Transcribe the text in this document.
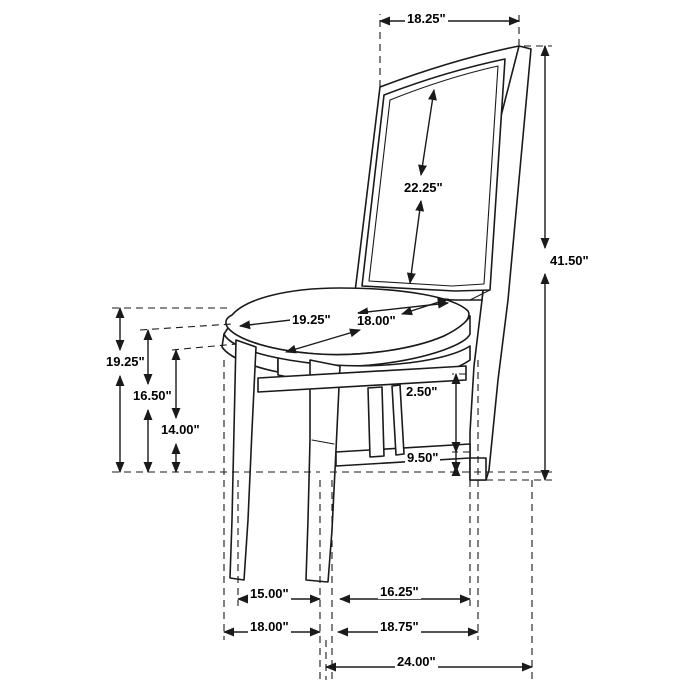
18.25"
22.25"
41.50"
19.25" 18.00"
19.25"
16.50"
14.00"
2.50"
9.50"
15.00"	16.25"
18.00"	18.75"
24.00"
